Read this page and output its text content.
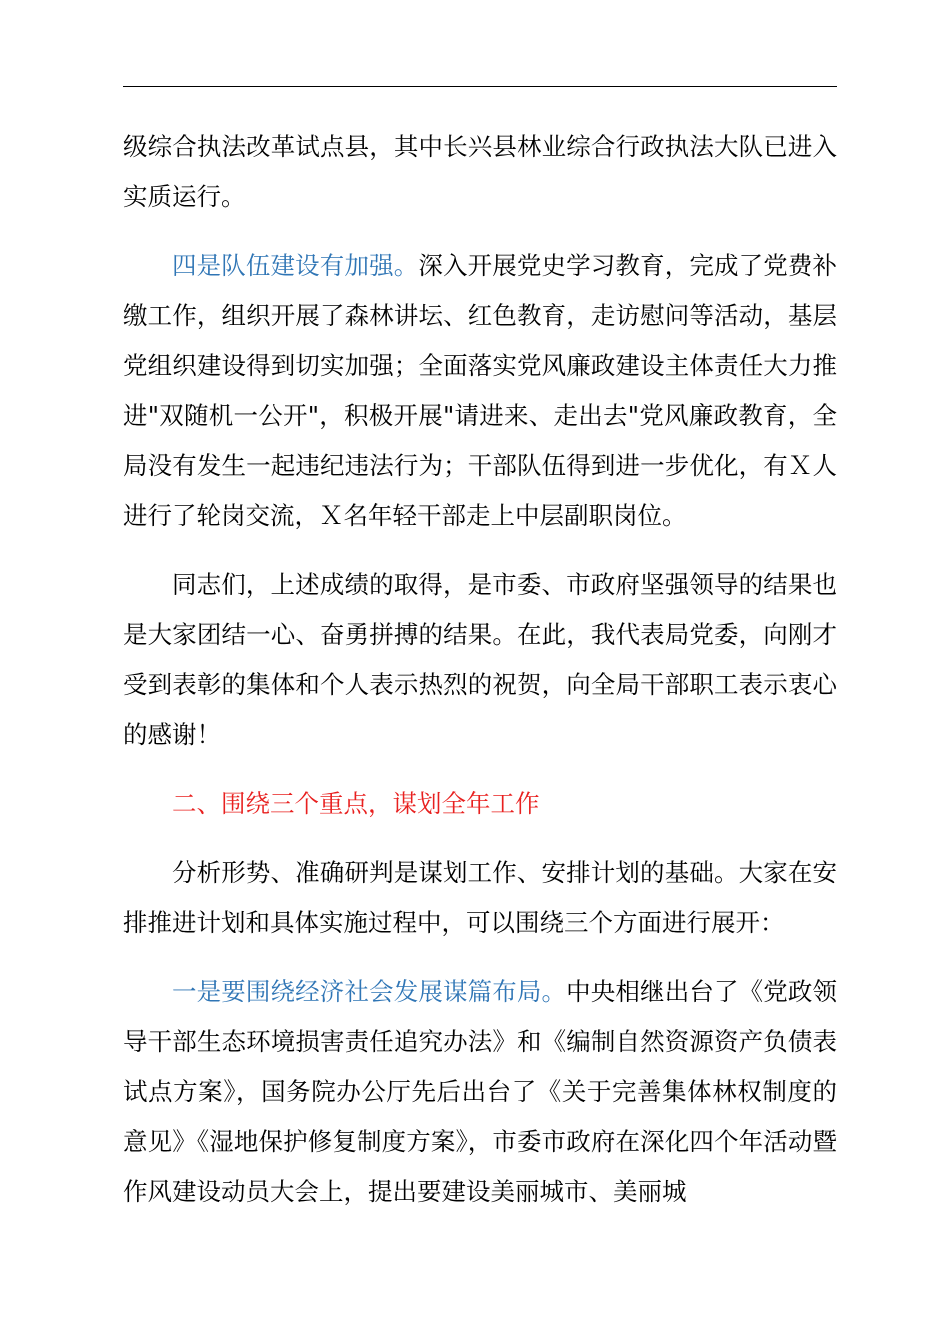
级综合执法改革试点县，其中长兴县林业综合行政执法大队已进入实质运行。

四是队伍建设有加强。深入开展党史学习教育，完成了党费补缴工作，组织开展了森林讲坛、红色教育，走访慰问等活动，基层党组织建设得到切实加强；全面落实党风廉政建设主体责任大力推进"双随机一公开"，积极开展"请进来、走出去"党风廉政教育，全局没有发生一起违纪违法行为；干部队伍得到进一步优化，有Ｘ人进行了轮岗交流，Ｘ名年轻干部走上中层副职岗位。

同志们，上述成绩的取得，是市委、市政府坚强领导的结果也是大家团结一心、奋勇拼搏的结果。在此，我代表局党委，向刚才受到表彰的集体和个人表示热烈的祝贺，向全局干部职工表示衷心的感谢！

二、围绕三个重点，谋划全年工作

分析形势、准确研判是谋划工作、安排计划的基础。大家在安排推进计划和具体实施过程中，可以围绕三个方面进行展开：

一是要围绕经济社会发展谋篇布局。中央相继出台了《党政领导干部生态环境损害责任追究办法》和《编制自然资源资产负债表试点方案》，国务院办公厅先后出台了《关于完善集体林权制度的意见》《湿地保护修复制度方案》，市委市政府在深化四个年活动暨作风建设动员大会上，提出要建设美丽城市、美丽城
